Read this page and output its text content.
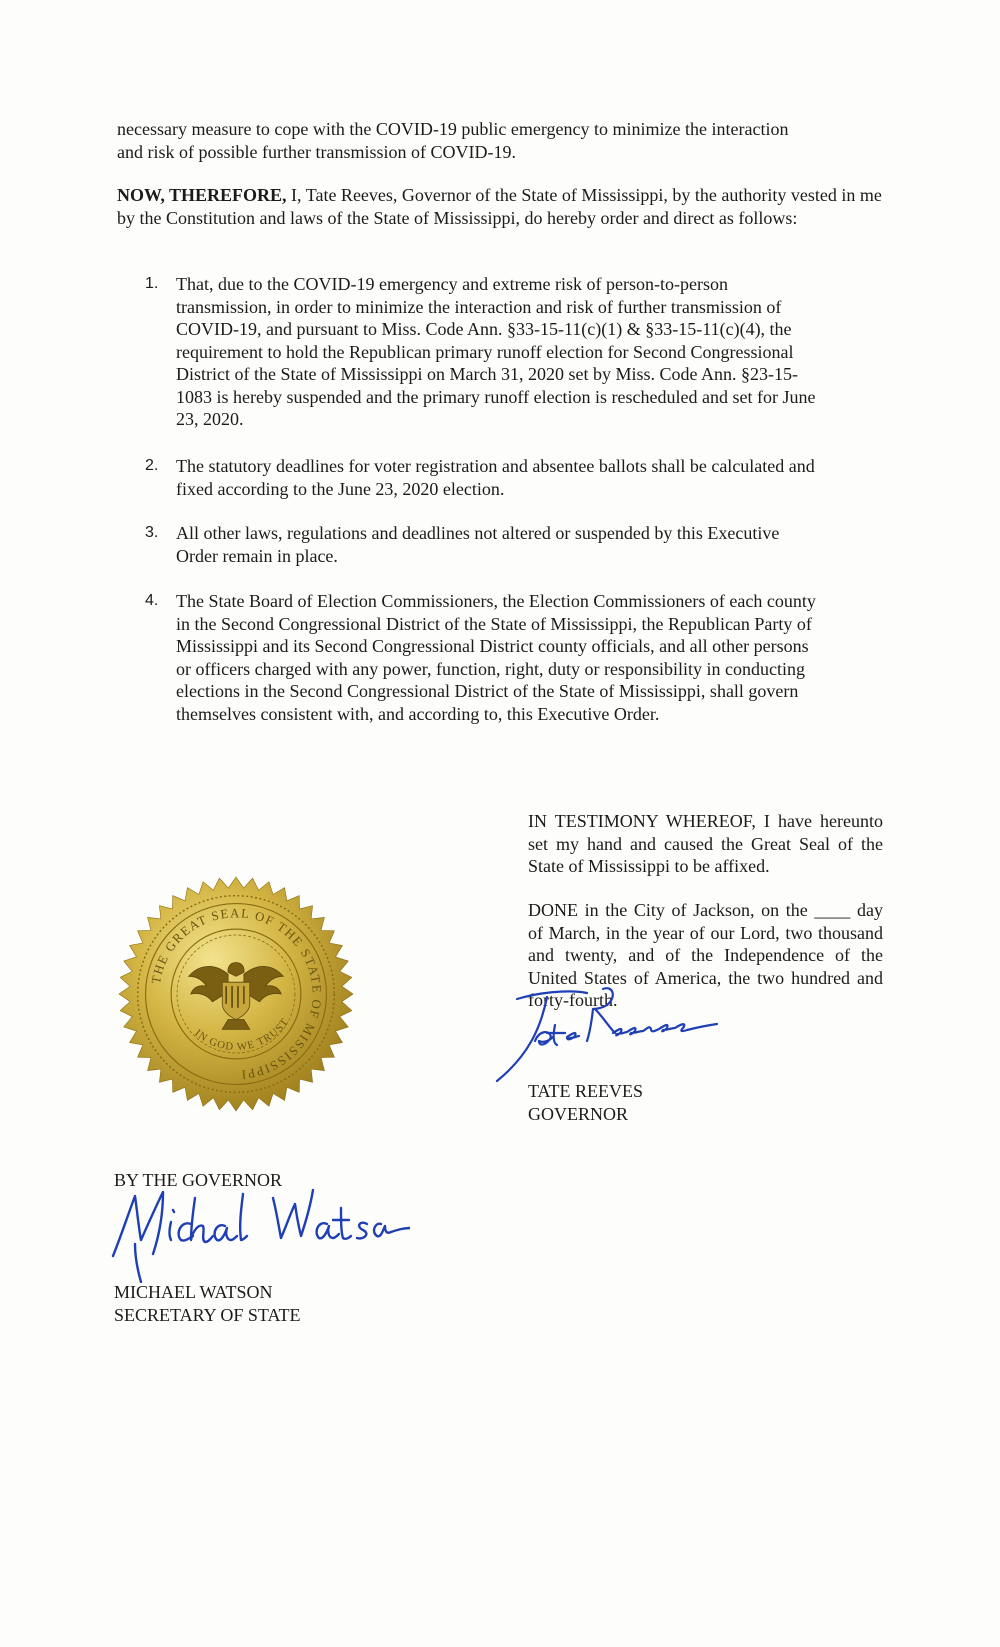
necessary measure to cope with the COVID-19 public emergency to minimize the interaction
and risk of possible further transmission of COVID-19.

NOW, THEREFORE, I, Tate Reeves, Governor of the State of Mississippi, by the authority vested in me by the Constitution and laws of the State of Mississippi, do hereby order and direct as follows:

1. That, due to the COVID-19 emergency and extreme risk of person-to-person
transmission, in order to minimize the interaction and risk of further transmission of
COVID-19, and pursuant to Miss. Code Ann. §33-15-11(c)(1) & §33-15-11(c)(4), the
requirement to hold the Republican primary runoff election for Second Congressional
District of the State of Mississippi on March 31, 2020 set by Miss. Code Ann. §23-15-
1083 is hereby suspended and the primary runoff election is rescheduled and set for June
23, 2020.
2. The statutory deadlines for voter registration and absentee ballots shall be calculated and
fixed according to the June 23, 2020 election.
3. All other laws, regulations and deadlines not altered or suspended by this Executive
Order remain in place.
4. The State Board of Election Commissioners, the Election Commissioners of each county
in the Second Congressional District of the State of Mississippi, the Republican Party of
Mississippi and its Second Congressional District county officials, and all other persons
or officers charged with any power, function, right, duty or responsibility in conducting
elections in the Second Congressional District of the State of Mississippi, shall govern
themselves consistent with, and according to, this Executive Order.

IN TESTIMONY WHEREOF, I have hereunto set my hand and caused the Great Seal of the State of Mississippi to be affixed.

DONE in the City of Jackson, on the ____ day of March, in the year of our Lord, two thousand and twenty, and of the Independence of the United States of America, the two hundred and forty-fourth.

TATE REEVES
GOVERNOR
BY THE GOVERNOR
MICHAEL WATSON
SECRETARY OF STATE
THE GREAT SEAL OF THE STATE OF MISSISSIPPI
IN GOD WE TRUST
